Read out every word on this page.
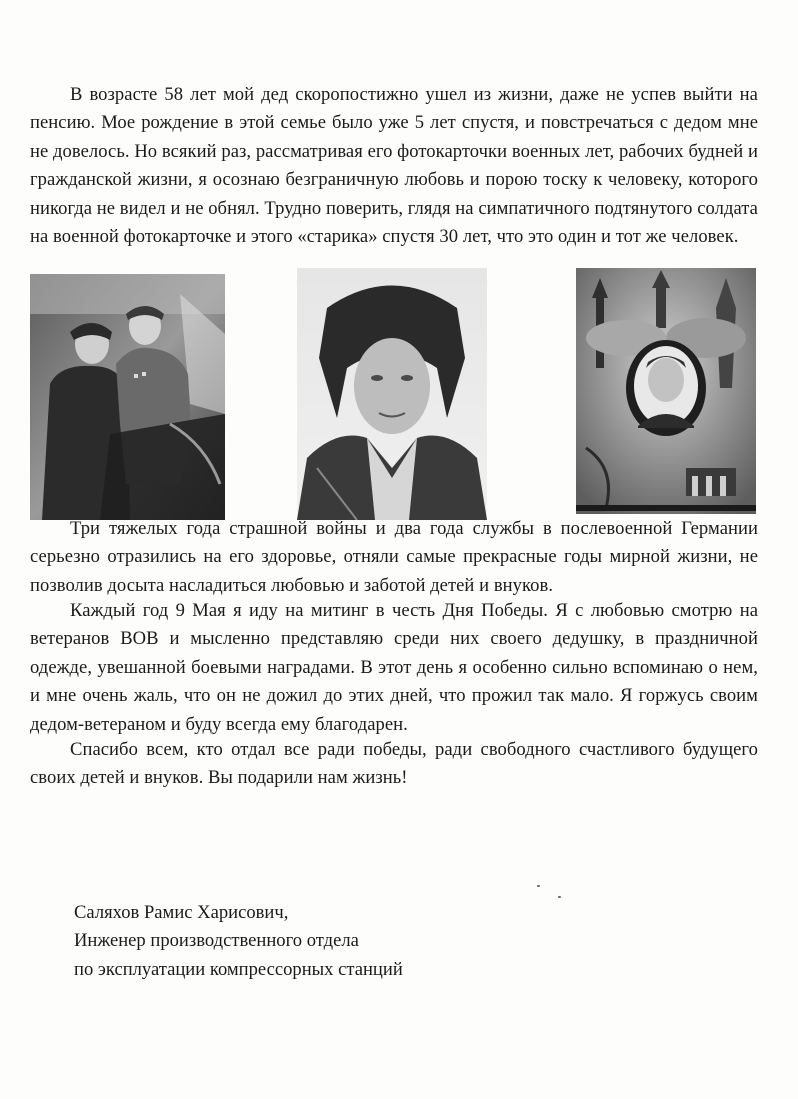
В возрасте 58 лет мой дед скоропостижно ушел из жизни, даже не успев выйти на пенсию. Мое рождение в этой семье было уже 5 лет спустя, и повстречаться с дедом мне не довелось. Но всякий раз, рассматривая его фотокарточки военных лет, рабочих будней и гражданской жизни, я осознаю безграничную любовь и порою тоску к человеку, которого никогда не видел и не обнял. Трудно поверить, глядя на симпатичного подтянутого солдата на военной фотокарточке и этого «старика» спустя 30 лет, что это один и тот же человек.

Три тяжелых года страшной войны и два года службы в послевоенной Германии серьезно отразились на его здоровье, отняли самые прекрасные годы мирной жизни, не позволив досыта насладиться любовью и заботой детей и внуков.

Каждый год 9 Мая я иду на митинг в честь Дня Победы. Я с любовью смотрю на ветеранов ВОВ и мысленно представляю среди них своего дедушку, в праздничной одежде, увешанной боевыми наградами. В этот день я особенно сильно вспоминаю о нем, и мне очень жаль, что он не дожил до этих дней, что прожил так мало. Я горжусь своим дедом-ветераном и буду всегда ему благодарен.

Спасибо всем, кто отдал все ради победы, ради свободного счастливого будущего своих детей и внуков. Вы подарили нам жизнь!

Саляхов Рамис Харисович,
Инженер производственного отдела
по эксплуатации компрессорных станций
